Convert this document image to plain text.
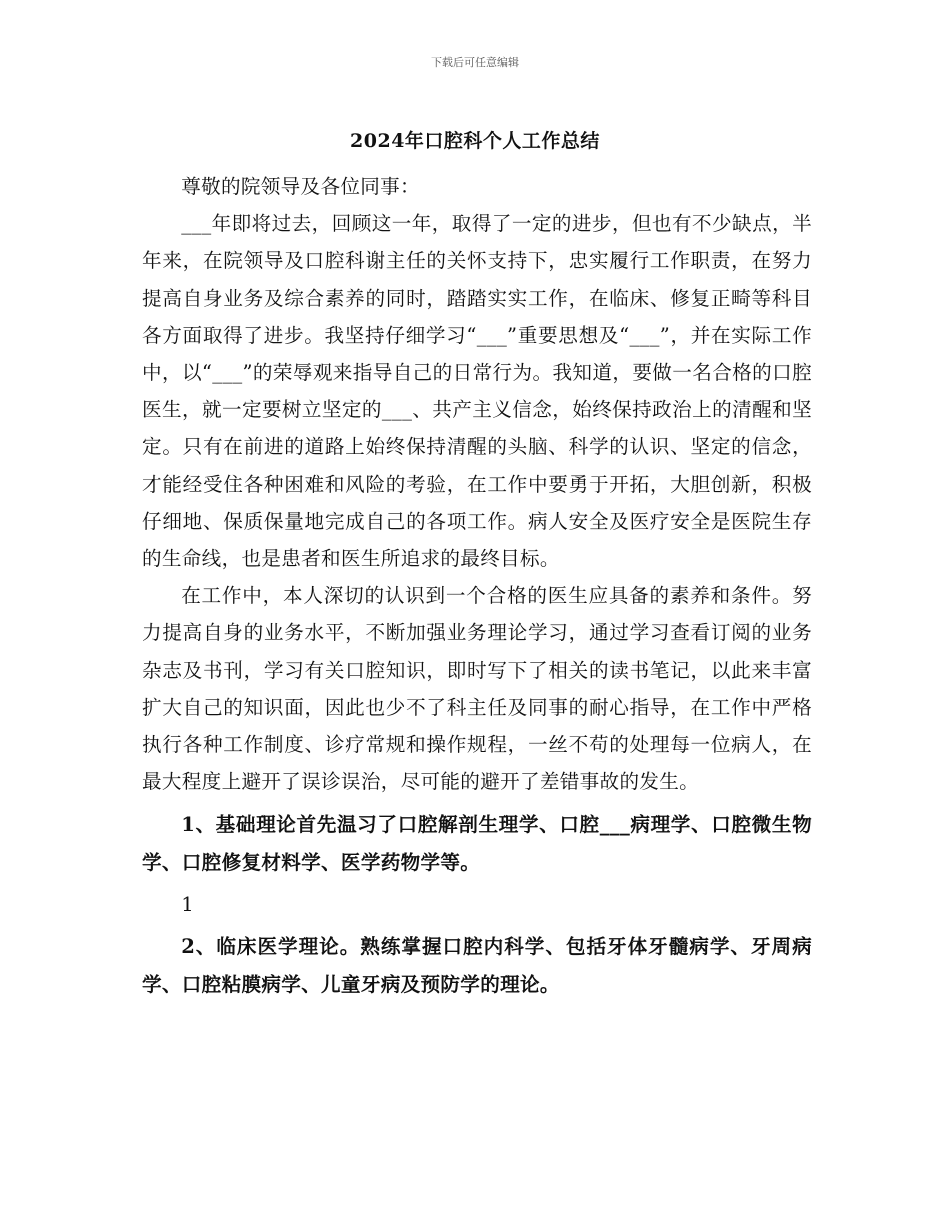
下载后可任意编辑
2024年口腔科个人工作总结

尊敬的院领导及各位同事：

___年即将过去，回顾这一年，取得了一定的进步，但也有不少缺点，半年来，在院领导及口腔科谢主任的关怀支持下，忠实履行工作职责，在努力提高自身业务及综合素养的同时，踏踏实实工作，在临床、修复正畸等科目各方面取得了进步。我坚持仔细学习“___”重要思想及“___”，并在实际工作中，以“___”的荣辱观来指导自己的日常行为。我知道，要做一名合格的口腔医生，就一定要树立坚定的___、共产主义信念，始终保持政治上的清醒和坚定。只有在前进的道路上始终保持清醒的头脑、科学的认识、坚定的信念，才能经受住各种困难和风险的考验，在工作中要勇于开拓，大胆创新，积极仔细地、保质保量地完成自己的各项工作。病人安全及医疗安全是医院生存的生命线，也是患者和医生所追求的最终目标。

在工作中，本人深切的认识到一个合格的医生应具备的素养和条件。努力提高自身的业务水平，不断加强业务理论学习，通过学习查看订阅的业务杂志及书刊，学习有关口腔知识，即时写下了相关的读书笔记，以此来丰富扩大自己的知识面，因此也少不了科主任及同事的耐心指导，在工作中严格执行各种工作制度、诊疗常规和操作规程，一丝不苟的处理每一位病人，在最大程度上避开了误诊误治，尽可能的避开了差错事故的发生。

1、基础理论首先温习了口腔解剖生理学、口腔___病理学、口腔微生物学、口腔修复材料学、医学药物学等。

1

2、临床医学理论。熟练掌握口腔内科学、包括牙体牙髓病学、牙周病学、口腔粘膜病学、儿童牙病及预防学的理论。
